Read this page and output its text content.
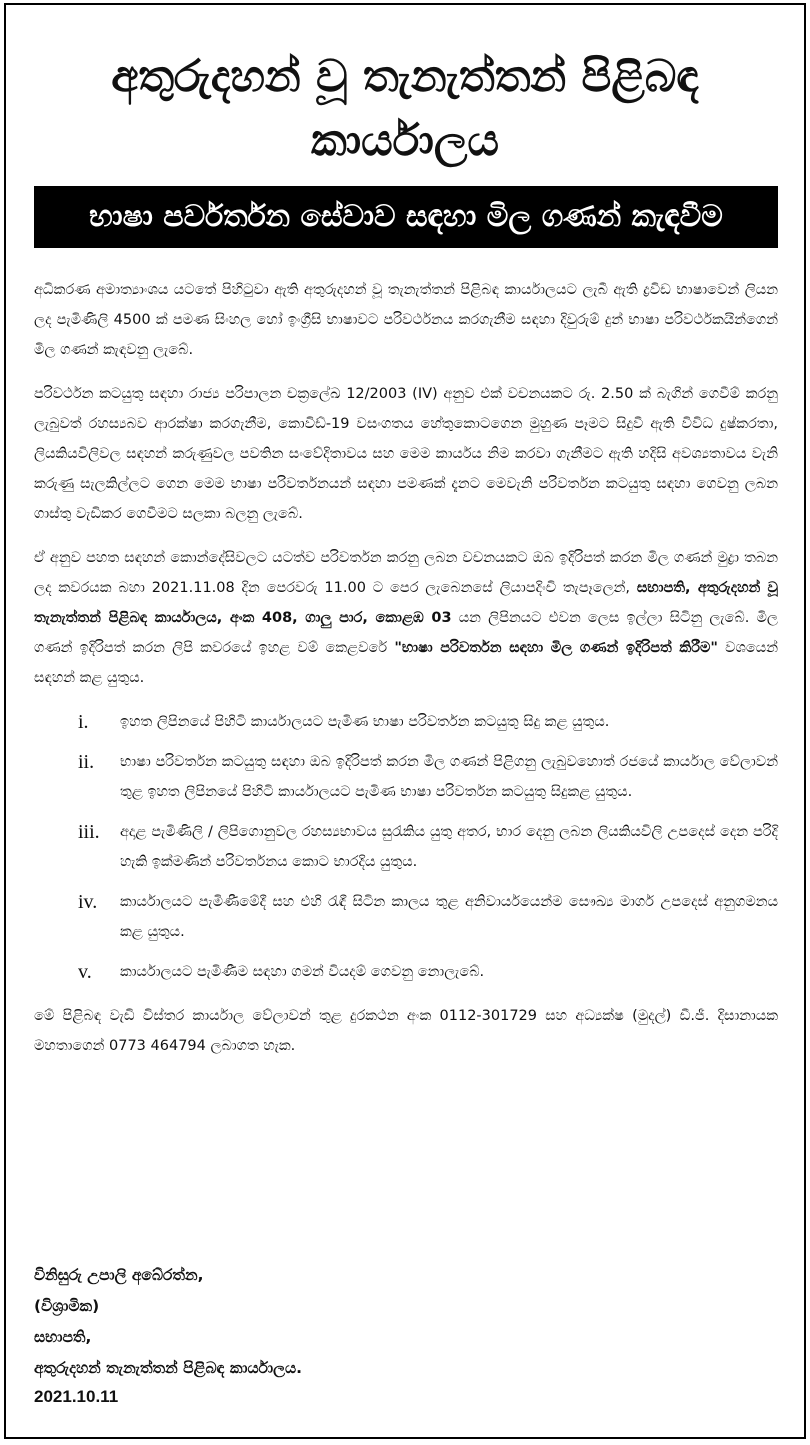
අතුරුදහන් වූ තැනැත්තන් පිළිබඳ
කාර්යාලය
භාෂා පර්වර්තන සේවාව සඳහා මිල ගණන් කැඳවීම

අධිකරණ අමාත්‍යාංශය යටතේ පිහිටුවා ඇති අතුරුදහන් වූ තැනැත්තන් පිළිබඳ කාර්යාලයට ලැබී ඇති ද්‍රවිඩ භාෂාවෙන් ලියන ලද පැමිණිලි 4500 ක් පමණ සිංහල හෝ ඉංග්‍රීසි භාෂාවට පරිවර්ථනය කරගැනීම සඳහා දිවුරුම් දුන් භාෂා පරිවර්ථකයින්ගෙන් මිල ගණන් කැඳවනු ලැබේ.

පරිවර්ථන කටයුතු සඳහා රාජ්‍ය පරිපාලන චක්‍රලේඛ 12/2003 (IV) අනුව එක් වචනයකට රු. 2.50 ක් බැගින් ගෙවීම් කරනු ලැබුවත් රහස්‍යබව ආරක්ෂා කරගැනීම, කොවිඩ්-19 වසංගතය හේතුකොටගෙන මුහුණ පෑමට සිදුවී ඇති විවිධ දුෂ්කරතා, ලියකියවිලිවල සඳහන් කරුණුවල පවතින සංවේදිතාවය සහ මෙම කාර්යය නිම කරවා ගැනීමට ඇති හදිසි අවශ්‍යතාවය වැනි කරුණු සැලකිල්ලට ගෙන මෙම භාෂා පරිවර්තනයන් සඳහා පමණක් දැනට මෙවැනි පරිවර්තන කටයුතු සඳහා ගෙවනු ලබන ගාස්තු වැඩිකර ගෙවීමට සලකා බලනු ලැබේ.

ඒ අනුව පහත සඳහන් කොන්දේසිවලට යටත්ව පරිවර්තන කරනු ලබන වචනයකට ඔබ ඉදිරිපත් කරන මිල ගණන් මුද්‍රා තබන ලද කවරයක බහා 2021.11.08 දින පෙරවරු 11.00 ට පෙර ලැබෙනසේ ලියාපදිංචි තැපෑලෙන්, සභාපති, අතුරුදහන් වූ තැනැත්තන් පිළිබඳ කාර්යාලය, අංක 408, ගාලු පාර, කොළඹ 03 යන ලිපිනයට එවන ලෙස ඉල්ලා සිටිනු ලැබේ. මිල ගණන් ඉදිරිපත් කරන ලිපි කවරයේ ඉහළ වම් කෙළවරේ "භාෂා පරිවර්තන සඳහා මිල ගණන් ඉදිරිපත් කිරීම" වශයෙන් සඳහන් කළ යුතුය.

i. ඉහත ලිපිනයේ පිහිටි කාර්යාලයට පැමිණ භාෂා පරිවර්තන කටයුතු සිදු කළ යුතුය.
ii. භාෂා පරිවර්තන කටයුතු සඳහා ඔබ ඉදිරිපත් කරන මිල ගණන් පිළිගනු ලැබුවහොත් රජයේ කාර්යාල වේලාවන් තුළ ඉහත ලිපිනයේ පිහිටි කාර්යාලයට පැමිණ භාෂා පරිවර්තන කටයුතු සිදුකළ යුතුය.
iii. අදාළ පැමිණිලි / ලිපිගොනුවල රහස්‍යභාවය සුරැකිය යුතු අතර, භාර දෙනු ලබන ලියකියවිලි උපදෙස් දෙන පරිදි හැකි ඉක්මණින් පරිවර්තනය කොට භාරදිය යුතුය.
iv. කාර්යාලයට පැමිණීමේදී සහ එහි රැඳී සිටින කාලය තුළ අනිවාර්යයෙන්ම සෞඛ්‍ය මාර්ග උපදෙස් අනුගමනය කළ යුතුය.
v. කාර්යාලයට පැමිණීම සඳහා ගමන් වියදම් ගෙවනු නොලැබේ.

මේ පිළිබඳ වැඩි විස්තර කාර්යාල වේලාවන් තුළ දුරකථන අංක 0112-301729 සහ අධ්‍යක්ෂ (මුදල්) ඩී.ජී. දිසානායක මහතාගෙන් 0773 464794 ලබාගත හැක.

විනිසුරු උපාලි අබේරත්න,
(විශ්‍රාමික)
සභාපති,
අතුරුදහන් තැනැත්තන් පිළිබඳ කාර්යාලය.
2021.10.11
